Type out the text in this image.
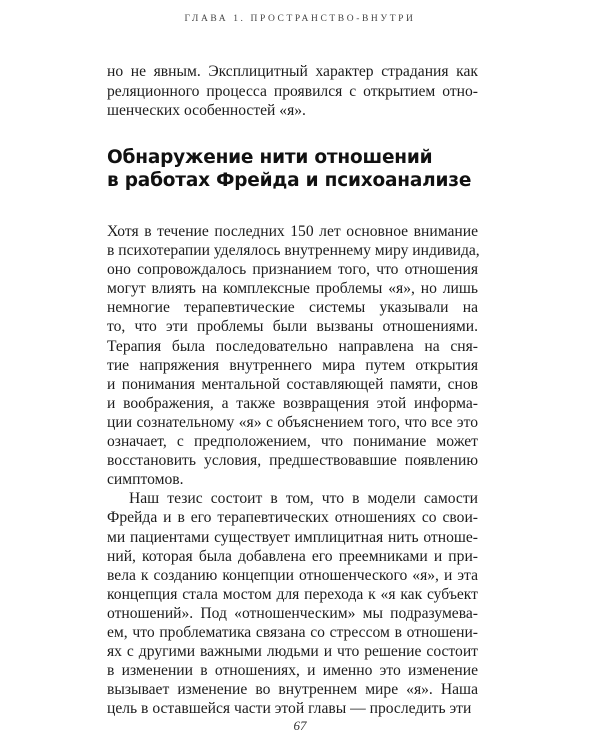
ГЛАВА 1. ПРОСТРАНСТВО-ВНУТРИ
но не явным. Эксплицитный характер страдания как
реляционного процесса проявился с открытием отно-
шенческих особенностей «я».
Обнаружение нити отношений
в работах Фрейда и психоанализе
Хотя в течение последних 150 лет основное внимание
в психотерапии уделялось внутреннему миру индивида,
оно сопровождалось признанием того, что отношения
могут влиять на комплексные проблемы «я», но лишь
немногие терапевтические системы указывали на
то, что эти проблемы были вызваны отношениями.
Терапия была последовательно направлена на сня-
тие напряжения внутреннего мира путем открытия
и понимания ментальной составляющей памяти, снов
и воображения, а также возвращения этой информа-
ции сознательному «я» с объяснением того, что все это
означает, с предположением, что понимание может
восстановить условия, предшествовавшие появлению
симптомов.
Наш тезис состоит в том, что в модели самости
Фрейда и в его терапевтических отношениях со свои-
ми пациентами существует имплицитная нить отноше-
ний, которая была добавлена его преемниками и при-
вела к созданию концепции отношенческого «я», и эта
концепция стала мостом для перехода к «я как субъект
отношений». Под «отношенческим» мы подразумева-
ем, что проблематика связана со стрессом в отношени-
ях с другими важными людьми и что решение состоит
в изменении в отношениях, и именно это изменение
вызывает изменение во внутреннем мире «я». Наша
цель в оставшейся части этой главы — проследить эти
67
